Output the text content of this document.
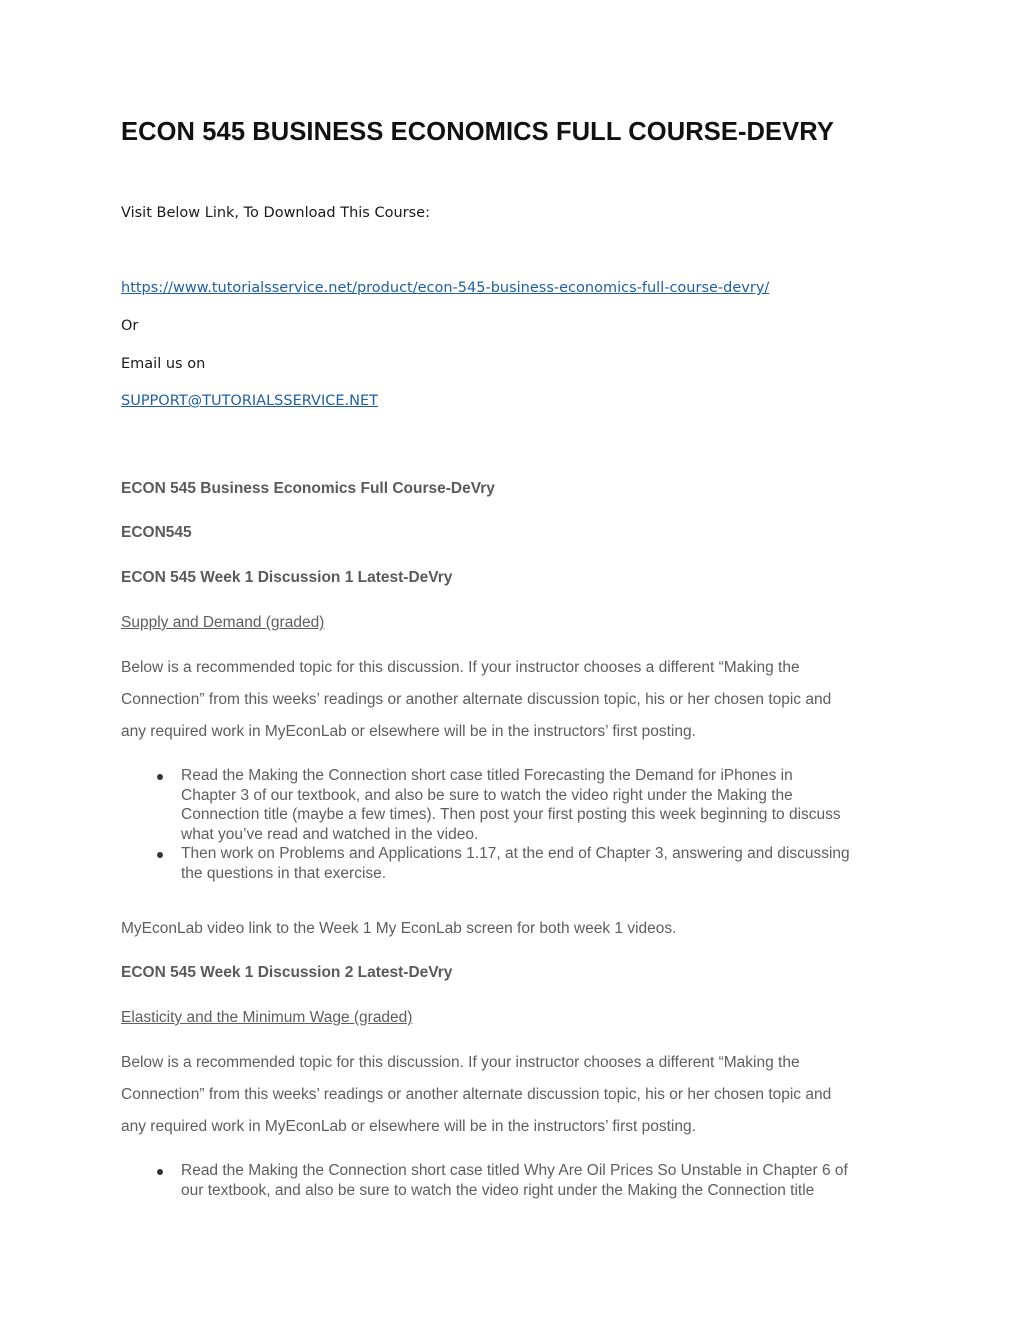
ECON 545 BUSINESS ECONOMICS FULL COURSE-DEVRY
Visit Below Link, To Download This Course:
https://www.tutorialsservice.net/product/econ-545-business-economics-full-course-devry/
Or
Email us on
SUPPORT@TUTORIALSSERVICE.NET
ECON 545 Business Economics Full Course-DeVry
ECON545
ECON 545 Week 1 Discussion 1 Latest-DeVry
Supply and Demand (graded)
Below is a recommended topic for this discussion. If your instructor chooses a different “Making the
Connection” from this weeks’ readings or another alternate discussion topic, his or her chosen topic and
any required work in MyEconLab or elsewhere will be in the instructors’ first posting.
Read the Making the Connection short case titled Forecasting the Demand for iPhones in
Chapter 3 of our textbook, and also be sure to watch the video right under the Making the
Connection title (maybe a few times). Then post your first posting this week beginning to discuss
what you’ve read and watched in the video.
Then work on Problems and Applications 1.17, at the end of Chapter 3, answering and discussing
the questions in that exercise.
MyEconLab video link to the Week 1 My EconLab screen for both week 1 videos.
ECON 545 Week 1 Discussion 2 Latest-DeVry
Elasticity and the Minimum Wage (graded)
Below is a recommended topic for this discussion. If your instructor chooses a different “Making the
Connection” from this weeks’ readings or another alternate discussion topic, his or her chosen topic and
any required work in MyEconLab or elsewhere will be in the instructors’ first posting.
Read the Making the Connection short case titled Why Are Oil Prices So Unstable in Chapter 6 of
our textbook, and also be sure to watch the video right under the Making the Connection title
